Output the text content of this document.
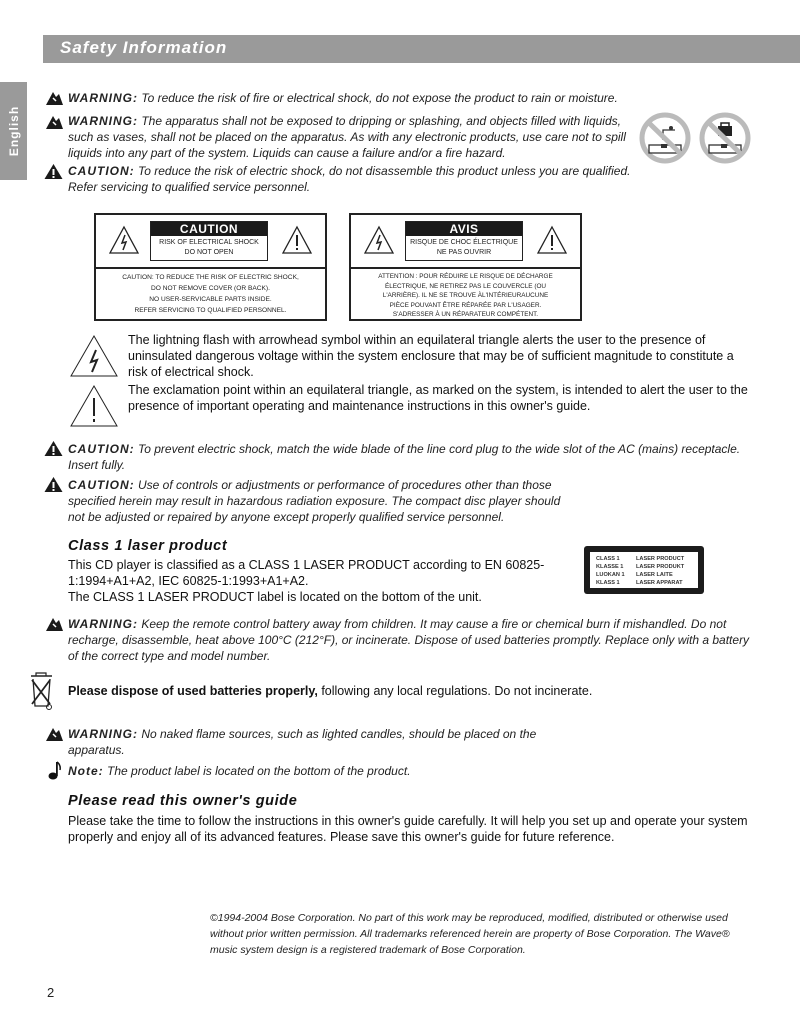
Safety Information
English
WARNING: To reduce the risk of fire or electrical shock, do not expose the product to rain or moisture.
WARNING: The apparatus shall not be exposed to dripping or splashing, and objects filled with liquids, such as vases, shall not be placed on the apparatus. As with any electronic products, use care not to spill liquids into any part of the system. Liquids can cause a failure and/or a fire hazard.
CAUTION: To reduce the risk of electric shock, do not disassemble this product unless you are qualified. Refer servicing to qualified service personnel.
CAUTION
RISK OF ELECTRICAL SHOCK
DO NOT OPEN
CAUTION: TO REDUCE THE RISK OF ELECTRIC SHOCK,
DO NOT REMOVE COVER (OR BACK).
NO USER-SERVICABLE PARTS INSIDE.
REFER SERVICING TO QUALIFIED PERSONNEL.
AVIS
RISQUE DE CHOC ÉLECTRIQUE
NE PAS OUVRIR
ATTENTION : POUR RÉDUIRE LE RISQUE DE DÉCHARGE
ÉLECTRIQUE, NE RETIREZ PAS LE COUVERCLE (OU
L'ARRIÈRE). IL NE SE TROUVE ÀL'INTÉRIEURAUCUNE
PIÈCE POUVANT ÊTRE RÉPARÉE PAR L'USAGER.
S'ADRESSER À UN RÉPARATEUR COMPÉTENT.
The lightning flash with arrowhead symbol within an equilateral triangle alerts the user to the presence of uninsulated dangerous voltage within the system enclosure that may be of sufficient magnitude to constitute a risk of electrical shock.
The exclamation point within an equilateral triangle, as marked on the system, is intended to alert the user to the presence of important operating and maintenance instructions in this owner's guide.
CAUTION: To prevent electric shock, match the wide blade of the line cord plug to the wide slot of the AC (mains) receptacle. Insert fully.
CAUTION: Use of controls or adjustments or performance of procedures other than those specified herein may result in hazardous radiation exposure. The compact disc player should not be adjusted or repaired by anyone except properly qualified service personnel.
Class 1 laser product
This CD player is classified as a CLASS 1 LASER PRODUCT according to EN 60825-
1:1994+A1+A2, IEC 60825-1:1993+A1+A2.
The CLASS 1 LASER PRODUCT label is located on the bottom of the unit.
CLASS 1	LASER PRODUCT
KLASSE 1	LASER PRODUKT
LUOKAN 1	LASER LAITE
KLASS 1	LASER APPARAT
WARNING: Keep the remote control battery away from children. It may cause a fire or chemical burn if mishandled. Do not recharge, disassemble, heat above 100°C (212°F), or incinerate. Dispose of used batteries promptly. Replace only with a battery of the correct type and model number.
Please dispose of used batteries properly, following any local regulations. Do not incinerate.
WARNING: No naked flame sources, such as lighted candles, should be placed on the apparatus.
Note: The product label is located on the bottom of the product.
Please read this owner's guide
Please take the time to follow the instructions in this owner's guide carefully. It will help you set up and operate your system properly and enjoy all of its advanced features. Please save this owner's guide for future reference.
©1994-2004 Bose Corporation. No part of this work may be reproduced, modified, distributed or otherwise used without prior written permission. All trademarks referenced herein are property of Bose Corporation. The Wave® music system design is a registered trademark of Bose Corporation.
2
